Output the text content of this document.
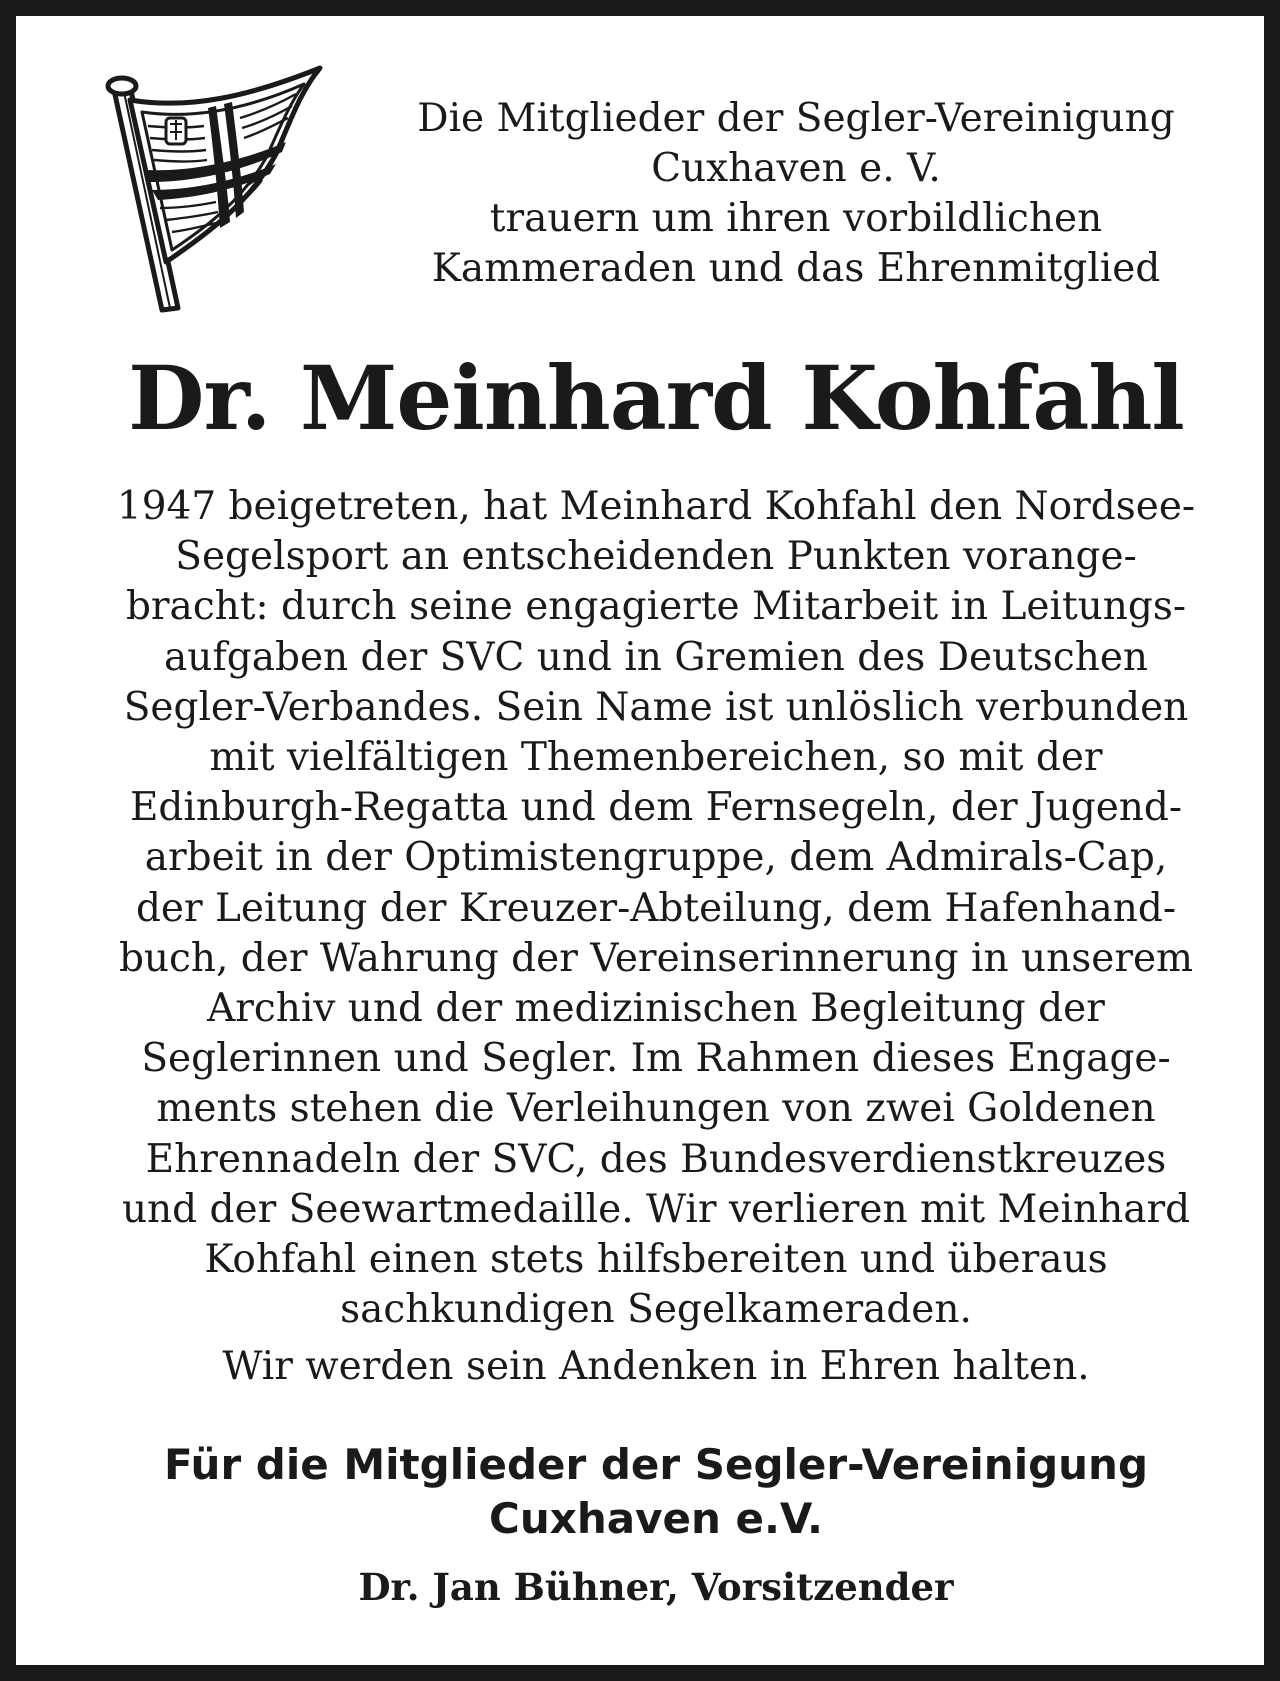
Die Mitglieder der Segler-Vereinigung
Cuxhaven e. V.
trauern um ihren vorbildlichen
Kammeraden und das Ehrenmitglied
Dr. Meinhard Kohfahl
1947 beigetreten, hat Meinhard Kohfahl den Nordsee-
Segelsport an entscheidenden Punkten vorange-
bracht: durch seine engagierte Mitarbeit in Leitungs-
aufgaben der SVC und in Gremien des Deutschen
Segler-Verbandes. Sein Name ist unlöslich verbunden
mit vielfältigen Themenbereichen, so mit der
Edinburgh-Regatta und dem Fernsegeln, der Jugend-
arbeit in der Optimistengruppe, dem Admirals-Cap,
der Leitung der Kreuzer-Abteilung, dem Hafenhand-
buch, der Wahrung der Vereinserinnerung in unserem
Archiv und der medizinischen Begleitung der
Seglerinnen und Segler. Im Rahmen dieses Engage-
ments stehen die Verleihungen von zwei Goldenen
Ehrennadeln der SVC, des Bundesverdienstkreuzes
und der Seewartmedaille. Wir verlieren mit Meinhard
Kohfahl einen stets hilfsbereiten und überaus
sachkundigen Segelkameraden.
Wir werden sein Andenken in Ehren halten.
Für die Mitglieder der Segler-Vereinigung
Cuxhaven e.V.
Dr. Jan Bühner, Vorsitzender
